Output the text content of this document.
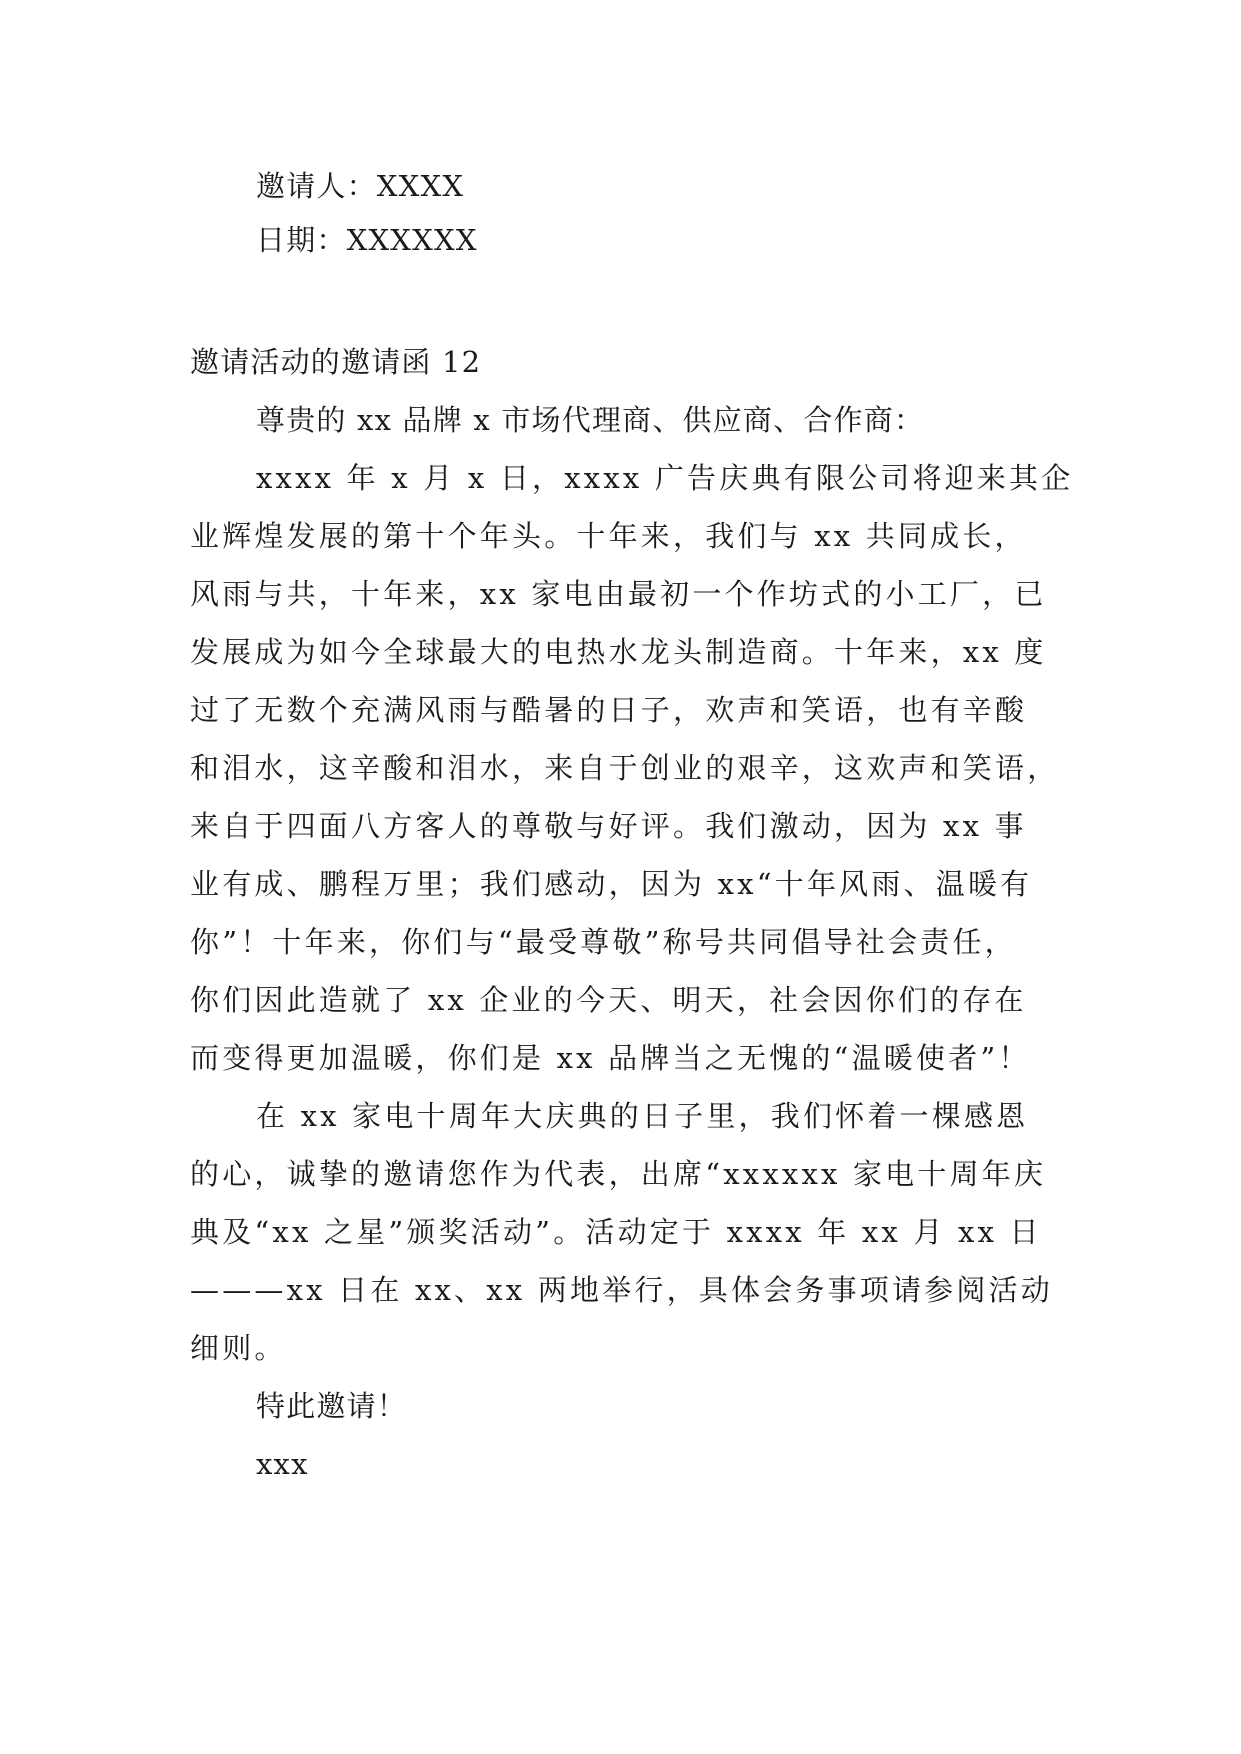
邀请人：XXXX
日期：XXXXXX
邀请活动的邀请函 12
尊贵的 xx 品牌 x 市场代理商、供应商、合作商：
xxxx 年 x 月 x 日，xxxx 广告庆典有限公司将迎来其企
业辉煌发展的第十个年头。十年来，我们与 xx 共同成长，
风雨与共，十年来，xx 家电由最初一个作坊式的小工厂，已
发展成为如今全球最大的电热水龙头制造商。十年来，xx 度
过了无数个充满风雨与酷暑的日子，欢声和笑语，也有辛酸
和泪水，这辛酸和泪水，来自于创业的艰辛，这欢声和笑语，
来自于四面八方客人的尊敬与好评。我们激动，因为 xx 事
业有成、鹏程万里；我们感动，因为 xx“十年风雨、温暖有
你”！十年来，你们与“最受尊敬”称号共同倡导社会责任，
你们因此造就了 xx 企业的今天、明天，社会因你们的存在
而变得更加温暖，你们是 xx 品牌当之无愧的“温暖使者”！
在 xx 家电十周年大庆典的日子里，我们怀着一棵感恩
的心，诚挚的邀请您作为代表，出席“xxxxxx 家电十周年庆
典及“xx 之星”颁奖活动”。活动定于 xxxx 年 xx 月 xx 日
———xx 日在 xx、xx 两地举行，具体会务事项请参阅活动
细则。
特此邀请！
xxx
